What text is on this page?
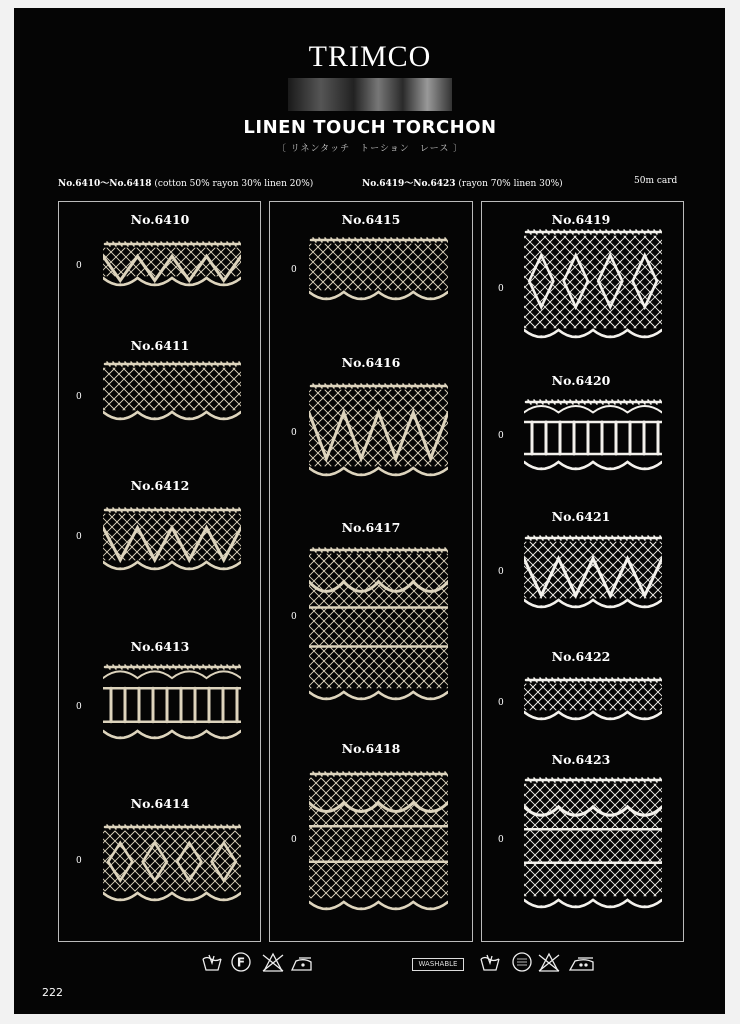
TRIMCO
LINEN TOUCH TORCHON
〔 リネンタッチ　トーション　レース 〕
No.6410～No.6418 (cotton 50% rayon 30% linen 20%)	No.6419～No.6423 (rayon 70% linen 30%)	50m card
No.6410
0
No.6411
0
No.6412
0
No.6413
0
No.6414
0
No.6415
0
No.6416
0
No.6417
0
No.6418
0
No.6419
0
No.6420
0
No.6421
0
No.6422
0
No.6423
0
F	WASHABLE
222
